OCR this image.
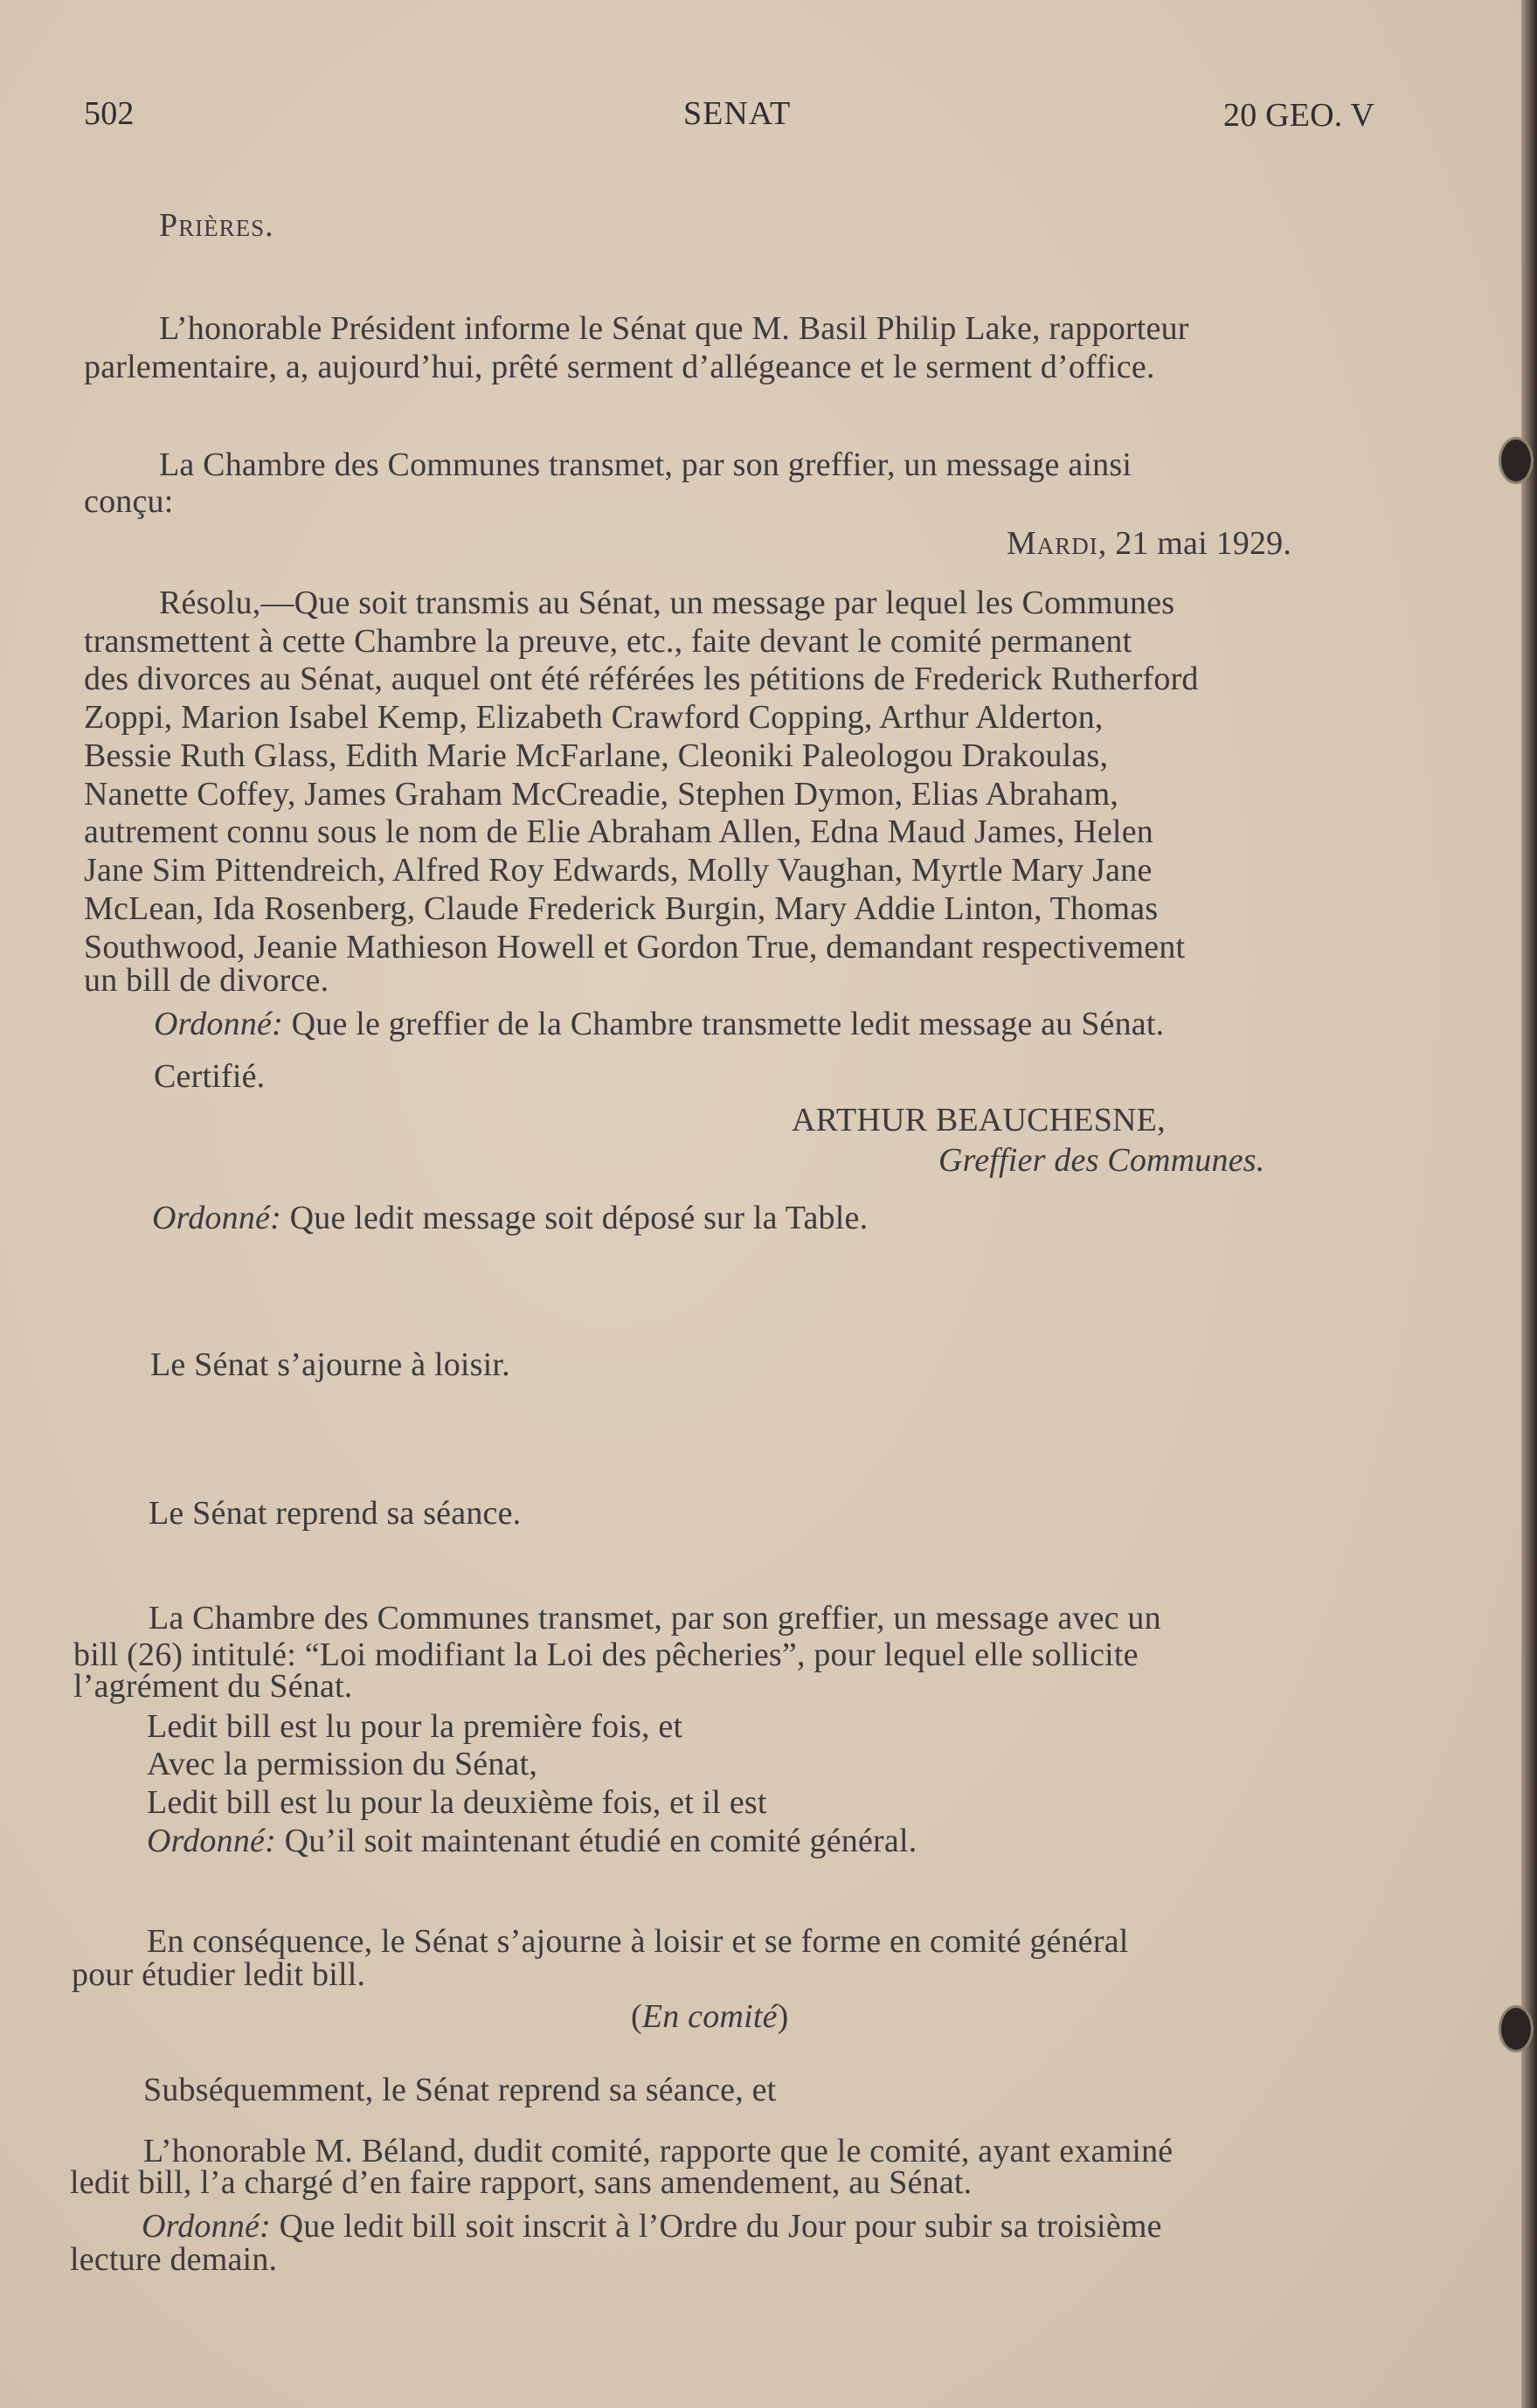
502	SENAT	20 GEO. V
Prières.
L’honorable Président informe le Sénat que M. Basil Philip Lake, rapporteur
parlementaire, a, aujourd’hui, prêté serment d’allégeance et le serment d’office.
La Chambre des Communes transmet, par son greffier, un message ainsi
conçu:
Mardi, 21 mai 1929.
Résolu,—Que soit transmis au Sénat, un message par lequel les Communes
transmettent à cette Chambre la preuve, etc., faite devant le comité permanent
des divorces au Sénat, auquel ont été référées les pétitions de Frederick Rutherford
Zoppi, Marion Isabel Kemp, Elizabeth Crawford Copping, Arthur Alderton,
Bessie Ruth Glass, Edith Marie McFarlane, Cleoniki Paleologou Drakoulas,
Nanette Coffey, James Graham McCreadie, Stephen Dymon, Elias Abraham,
autrement connu sous le nom de Elie Abraham Allen, Edna Maud James, Helen
Jane Sim Pittendreich, Alfred Roy Edwards, Molly Vaughan, Myrtle Mary Jane
McLean, Ida Rosenberg, Claude Frederick Burgin, Mary Addie Linton, Thomas
Southwood, Jeanie Mathieson Howell et Gordon True, demandant respectivement
un bill de divorce.
Ordonné: Que le greffier de la Chambre transmette ledit message au Sénat.
Certifié.
ARTHUR BEAUCHESNE,
Greffier des Communes.
Ordonné: Que ledit message soit déposé sur la Table.
Le Sénat s’ajourne à loisir.
Le Sénat reprend sa séance.
La Chambre des Communes transmet, par son greffier, un message avec un
bill (26) intitulé: “Loi modifiant la Loi des pêcheries”, pour lequel elle sollicite
l’agrément du Sénat.
Ledit bill est lu pour la première fois, et
Avec la permission du Sénat,
Ledit bill est lu pour la deuxième fois, et il est
Ordonné: Qu’il soit maintenant étudié en comité général.
En conséquence, le Sénat s’ajourne à loisir et se forme en comité général
pour étudier ledit bill.
(En comité)
Subséquemment, le Sénat reprend sa séance, et
L’honorable M. Béland, dudit comité, rapporte que le comité, ayant examiné
ledit bill, l’a chargé d’en faire rapport, sans amendement, au Sénat.
Ordonné: Que ledit bill soit inscrit à l’Ordre du Jour pour subir sa troisième
lecture demain.
